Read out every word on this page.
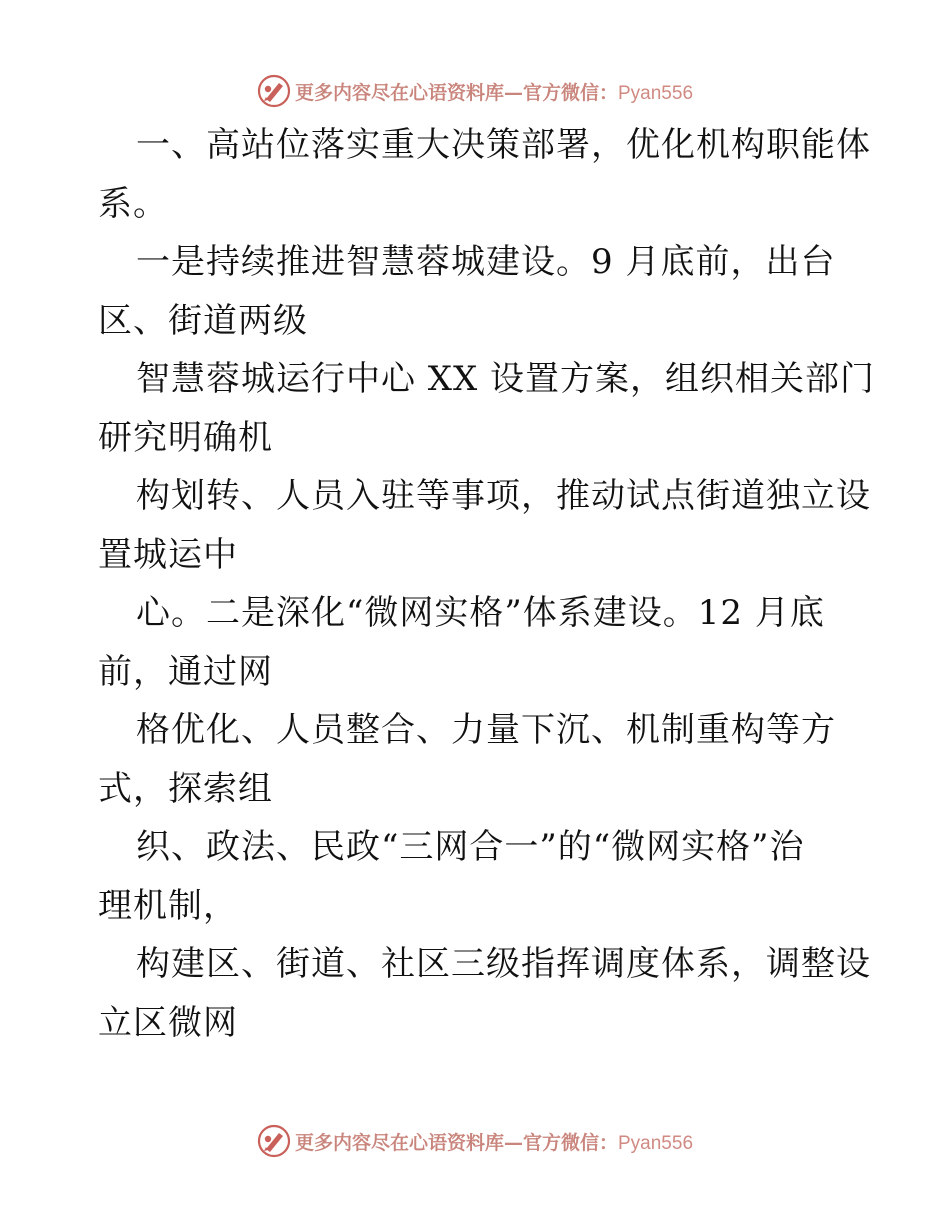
更多内容尽在心语资料库—官方微信：Pyan556
一、高站位落实重大决策部署，优化机构职能体
系。
一是持续推进智慧蓉城建设。9 月底前，出台
区、街道两级
智慧蓉城运行中心 XX 设置方案，组织相关部门
研究明确机
构划转、人员入驻等事项，推动试点街道独立设
置城运中
心。二是深化“微网实格”体系建设。12 月底
前，通过网
格优化、人员整合、力量下沉、机制重构等方
式，探索组
织、政法、民政“三网合一”的“微网实格”治
理机制，
构建区、街道、社区三级指挥调度体系，调整设
立区微网
更多内容尽在心语资料库—官方微信：Pyan556
